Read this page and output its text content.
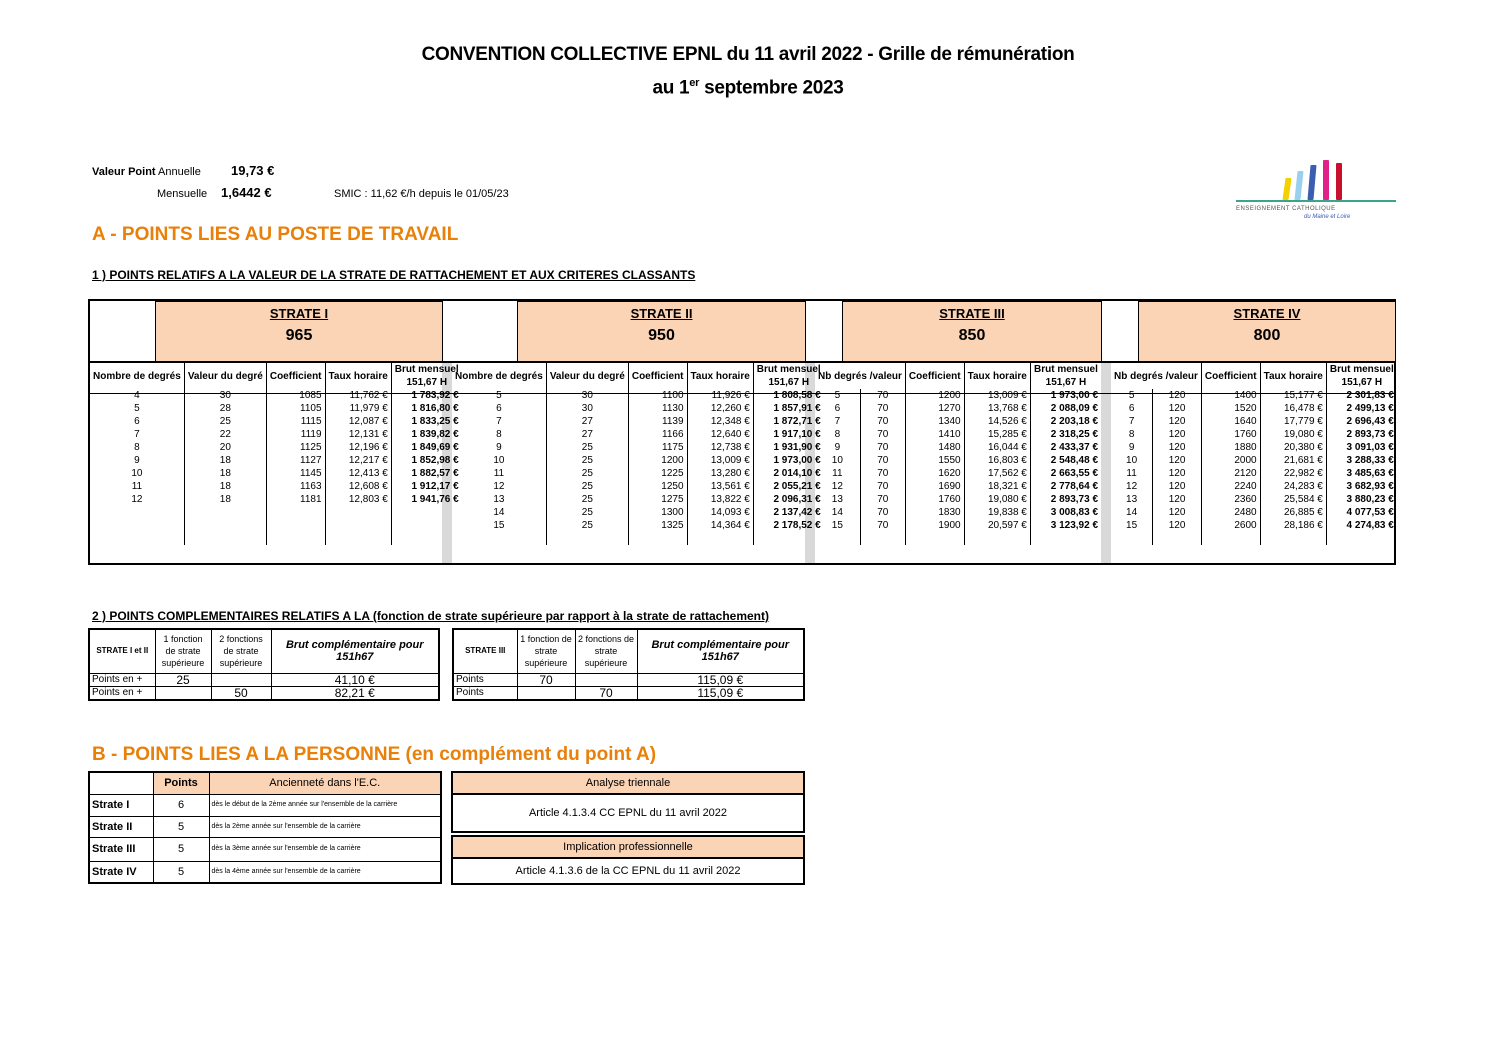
CONVENTION COLLECTIVE EPNL du 11 avril 2022 - Grille de rémunération
au 1er septembre 2023
Valeur Point Annuelle 19,73 €
Mensuelle 1,6442 €	SMIC : 11,62 €/h depuis le 01/05/23
ENSEIGNEMENT CATHOLIQUE
du Maine et Loire
A - POINTS LIES AU POSTE DE TRAVAIL
1 ) POINTS RELATIFS A LA VALEUR DE LA STRATE DE RATTACHEMENT ET AUX CRITERES CLASSANTS
STRATE I
965
STRATE II
950
STRATE III
850
STRATE IV
800
Nombre de degrés	Valeur du degré	Coefficient	Taux horaire	Brut mensuel
151,67 H
4	30	1085	11,762 €	1 783,92 €
5	28	1105	11,979 €	1 816,80 €
6	25	1115	12,087 €	1 833,25 €
7	22	1119	12,131 €	1 839,82 €
8	20	1125	12,196 €	1 849,69 €
9	18	1127	12,217 €	1 852,98 €
10	18	1145	12,413 €	1 882,57 €
11	18	1163	12,608 €	1 912,17 €
12	18	1181	12,803 €	1 941,76 €

Nombre de degrés	Valeur du degré	Coefficient	Taux horaire	Brut mensuel
151,67 H
5	30	1100	11,926 €	1 808,58 €
6	30	1130	12,260 €	1 857,91 €
7	27	1139	12,348 €	1 872,71 €
8	27	1166	12,640 €	1 917,10 €
9	25	1175	12,738 €	1 931,90 €
10	25	1200	13,009 €	1 973,00 €
11	25	1225	13,280 €	2 014,10 €
12	25	1250	13,561 €	2 055,21 €
13	25	1275	13,822 €	2 096,31 €
14	25	1300	14,093 €	2 137,42 €
15	25	1325	14,364 €	2 178,52 €

Nb degrés /valeur		Coefficient	Taux horaire	Brut mensuel
151,67 H
5	70	1200	13,009 €	1 973,00 €
6	70	1270	13,768 €	2 088,09 €
7	70	1340	14,526 €	2 203,18 €
8	70	1410	15,285 €	2 318,25 €
9	70	1480	16,044 €	2 433,37 €
10	70	1550	16,803 €	2 548,48 €
11	70	1620	17,562 €	2 663,55 €
12	70	1690	18,321 €	2 778,64 €
13	70	1760	19,080 €	2 893,73 €
14	70	1830	19,838 €	3 008,83 €
15	70	1900	20,597 €	3 123,92 €

Nb degrés /valeur		Coefficient	Taux horaire	Brut mensuel
151,67 H
5	120	1400	15,177 €	2 301,83 €
6	120	1520	16,478 €	2 499,13 €
7	120	1640	17,779 €	2 696,43 €
8	120	1760	19,080 €	2 893,73 €
9	120	1880	20,380 €	3 091,03 €
10	120	2000	21,681 €	3 288,33 €
11	120	2120	22,982 €	3 485,63 €
12	120	2240	24,283 €	3 682,93 €
13	120	2360	25,584 €	3 880,23 €
14	120	2480	26,885 €	4 077,53 €
15	120	2600	28,186 €	4 274,83 €

2 ) POINTS COMPLEMENTAIRES RELATIFS A LA (fonction de strate supérieure par rapport à la strate de rattachement)
STRATE I et II	1 fonction de strate supérieure	2 fonctions de strate supérieure	Brut complémentaire pour 151h67
Points en +	25		41,10 €
Points en +		50	82,21 €
STRATE III	1 fonction de strate supérieure	2 fonctions de strate supérieure	Brut complémentaire pour 151h67
Points	70		115,09 €
Points		70	115,09 €
B - POINTS LIES A LA PERSONNE (en complément du point A)
	Points	Ancienneté dans l'E.C.
Strate I	6	dès le début de la 2ème année sur l'ensemble de la carrière
Strate II	5	dès la 2ème année sur l'ensemble de la carrière
Strate III	5	dès la 3ème année sur l'ensemble de la carrière
Strate IV	5	dès la 4ème année sur l'ensemble de la carrière
Analyse triennale
Article 4.1.3.4 CC EPNL du 11 avril 2022
Implication professionnelle
Article 4.1.3.6 de la CC EPNL du 11 avril 2022
